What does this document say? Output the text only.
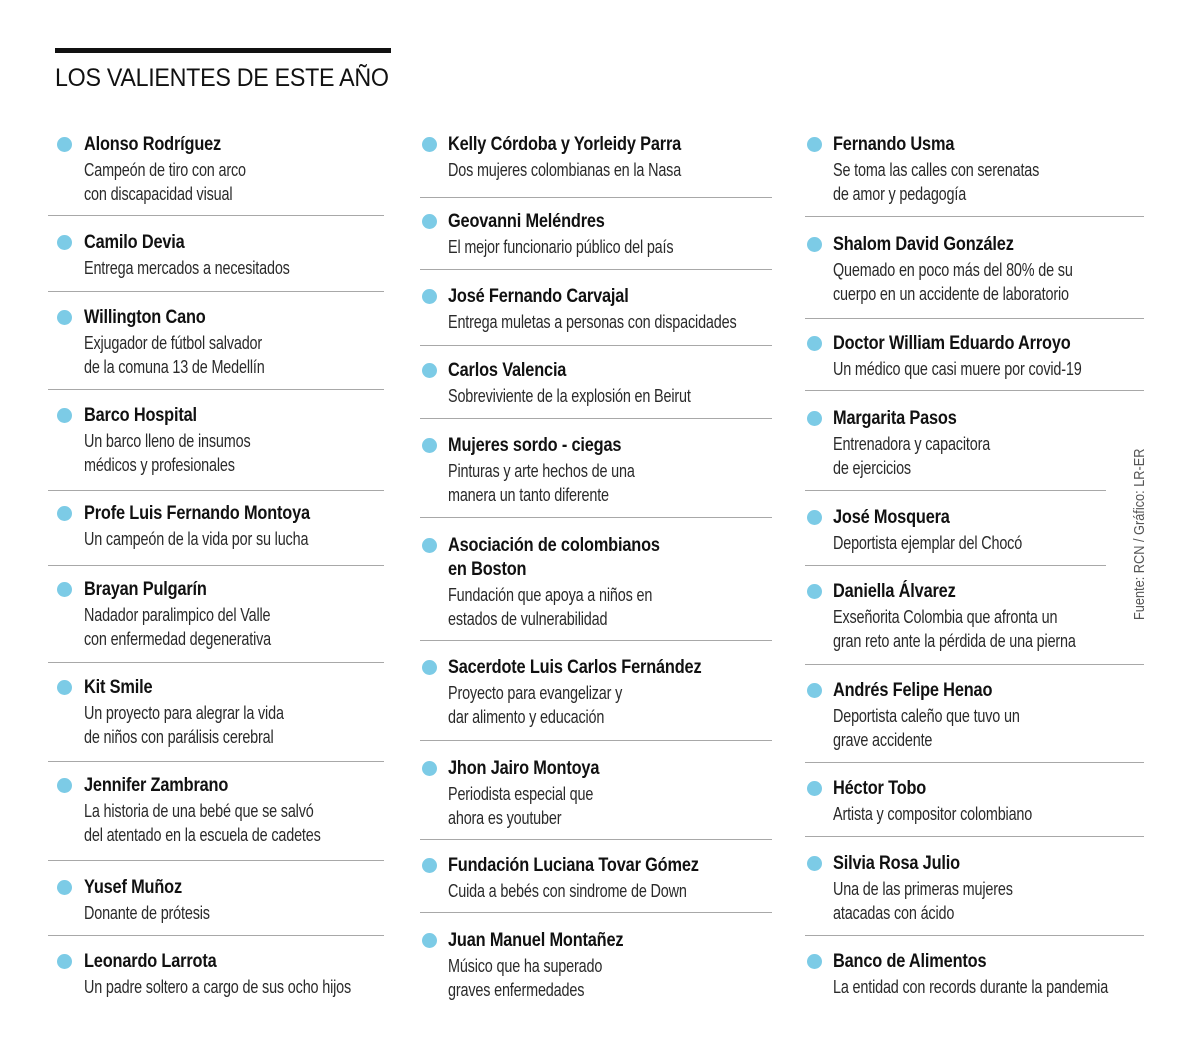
LOS VALIENTES DE ESTE AÑO
Alonso Rodríguez
Campeón de tiro con arco
con discapacidad visual
Camilo Devia
Entrega mercados a necesitados
Willington Cano
Exjugador de fútbol salvador
de la comuna 13 de Medellín
Barco Hospital
Un barco lleno de insumos
médicos y profesionales
Profe Luis Fernando Montoya
Un campeón de la vida por su lucha
Brayan Pulgarín
Nadador paralimpico del Valle
con enfermedad degenerativa
Kit Smile
Un proyecto para alegrar la vida
de niños con parálisis cerebral
Jennifer Zambrano
La historia de una bebé que se salvó
del atentado en la escuela de cadetes
Yusef Muñoz
Donante de prótesis
Leonardo Larrota
Un padre soltero a cargo de sus ocho hijos
Kelly Córdoba y Yorleidy Parra
Dos mujeres colombianas en la Nasa
Geovanni Meléndres
El mejor funcionario público del país
José Fernando Carvajal
Entrega muletas a personas con dispacidades
Carlos Valencia
Sobreviviente de la explosión en Beirut
Mujeres sordo - ciegas
Pinturas y arte hechos de una
manera un tanto diferente
Asociación de colombianos
en Boston
Fundación que apoya a niños en
estados de vulnerabilidad
Sacerdote Luis Carlos Fernández
Proyecto para evangelizar y
dar alimento y educación
Jhon Jairo Montoya
Periodista especial que
ahora es youtuber
Fundación Luciana Tovar Gómez
Cuida a bebés con sindrome de Down
Juan Manuel Montañez
Músico que ha superado
graves enfermedades
Fernando Usma
Se toma las calles con serenatas
de amor y pedagogía
Shalom David González
Quemado en poco más del 80% de su
cuerpo en un accidente de laboratorio
Doctor William Eduardo Arroyo
Un médico que casi muere por covid-19
Margarita Pasos
Entrenadora y capacitora
de ejercicios
José Mosquera
Deportista ejemplar del Chocó
Daniella Álvarez
Exseñorita Colombia que afronta un
gran reto ante la pérdida de una pierna
Andrés Felipe Henao
Deportista caleño que tuvo un
grave accidente
Héctor Tobo
Artista y compositor colombiano
Silvia Rosa Julio
Una de las primeras mujeres
atacadas con ácido
Banco de Alimentos
La entidad con records durante la pandemia
Fuente: RCN / Gráfico: LR-ER
